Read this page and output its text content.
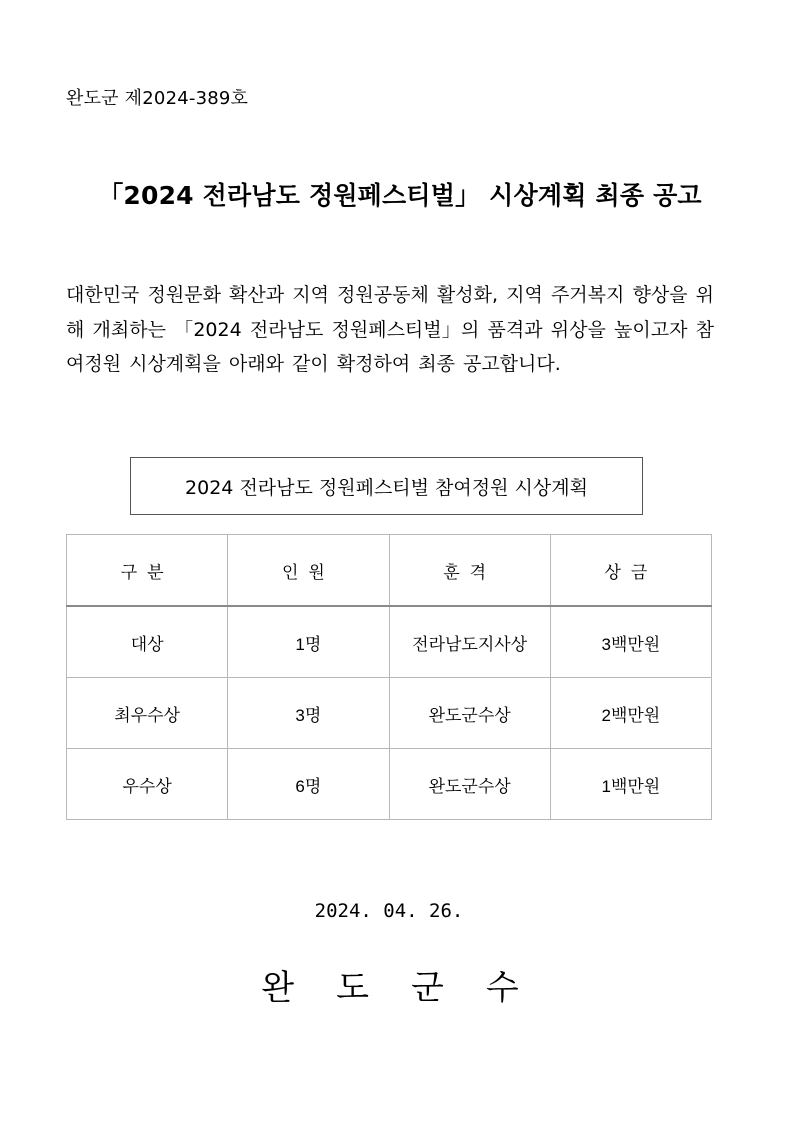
완도군 제2024-389호
「2024 전라남도 정원페스티벌」 시상계획 최종 공고
대한민국 정원문화 확산과 지역 정원공동체 활성화, 지역 주거복지 향상을 위해 개최하는 「2024 전라남도 정원페스티벌」의 품격과 위상을 높이고자 참여정원 시상계획을 아래와 같이 확정하여 최종 공고합니다.
2024 전라남도 정원페스티벌 참여정원 시상계획
구분	인원	훈격	상금
대상	1명	전라남도지사상	3백만원
최우수상	3명	완도군수상	2백만원
우수상	6명	완도군수상	1백만원
2024. 04. 26.
완도군수
